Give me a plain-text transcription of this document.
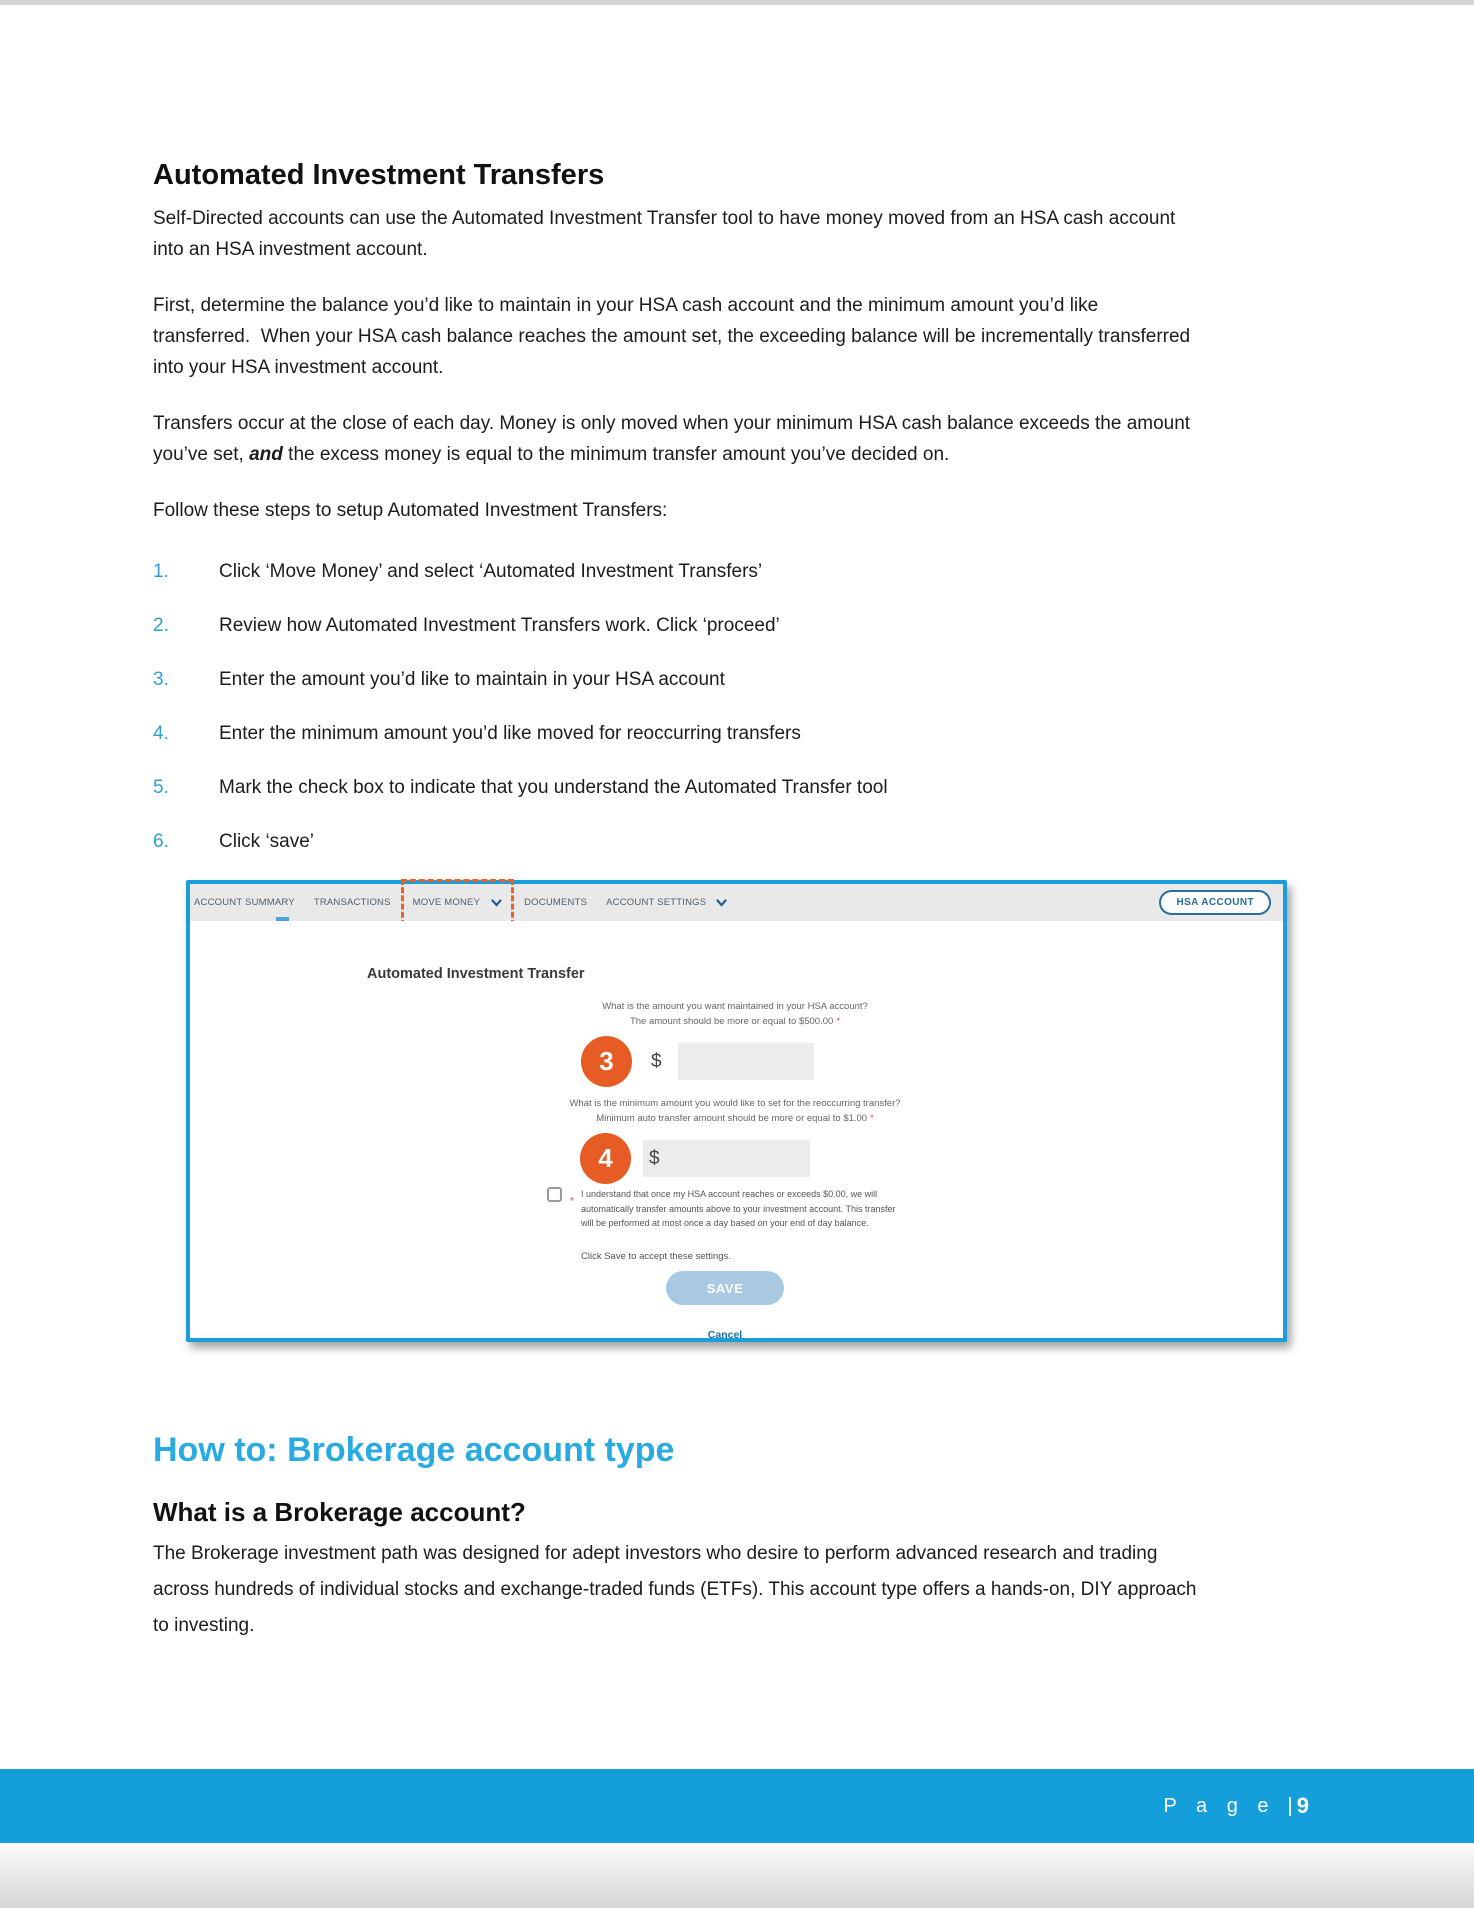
Automated Investment Transfers

Self-Directed accounts can use the Automated Investment Transfer tool to have money moved from an HSA cash account into an HSA investment account.

First, determine the balance you’d like to maintain in your HSA cash account and the minimum amount you’d like transferred.  When your HSA cash balance reaches the amount set, the exceeding balance will be incrementally transferred into your HSA investment account.

Transfers occur at the close of each day. Money is only moved when your minimum HSA cash balance exceeds the amount you’ve set, and the excess money is equal to the minimum transfer amount you’ve decided on.

Follow these steps to setup Automated Investment Transfers:

1.	Click ‘Move Money’ and select ‘Automated Investment Transfers’
2.	Review how Automated Investment Transfers work. Click ‘proceed’
3.	Enter the amount you’d like to maintain in your HSA account
4.	Enter the minimum amount you’d like moved for reoccurring transfers
5.	Mark the check box to indicate that you understand the Automated Transfer tool
6.	Click ‘save’
ACCOUNT SUMMARY TRANSACTIONS MOVE MONEY	DOCUMENTS ACCOUNT SETTINGS	HSA ACCOUNT
Automated Investment Transfer
What is the amount you want maintained in your HSA account?
The amount should be more or equal to $500.00 *
3	$
What is the minimum amount you would like to set for the reoccurring transfer?
Minimum auto transfer amount should be more or equal to $1.00 *
4	$
*
I understand that once my HSA account reaches or exceeds $0.00, we will automatically transfer amounts above to your investment account. This transfer will be performed at most once a day based on your end of day balance.
Click Save to accept these settings.
SAVE
Cancel
How to: Brokerage account type
What is a Brokerage account?

The Brokerage investment path was designed for adept investors who desire to perform advanced research and trading across hundreds of individual stocks and exchange-traded funds (ETFs). This account type offers a hands-on, DIY approach to investing.

P a g e | 9
